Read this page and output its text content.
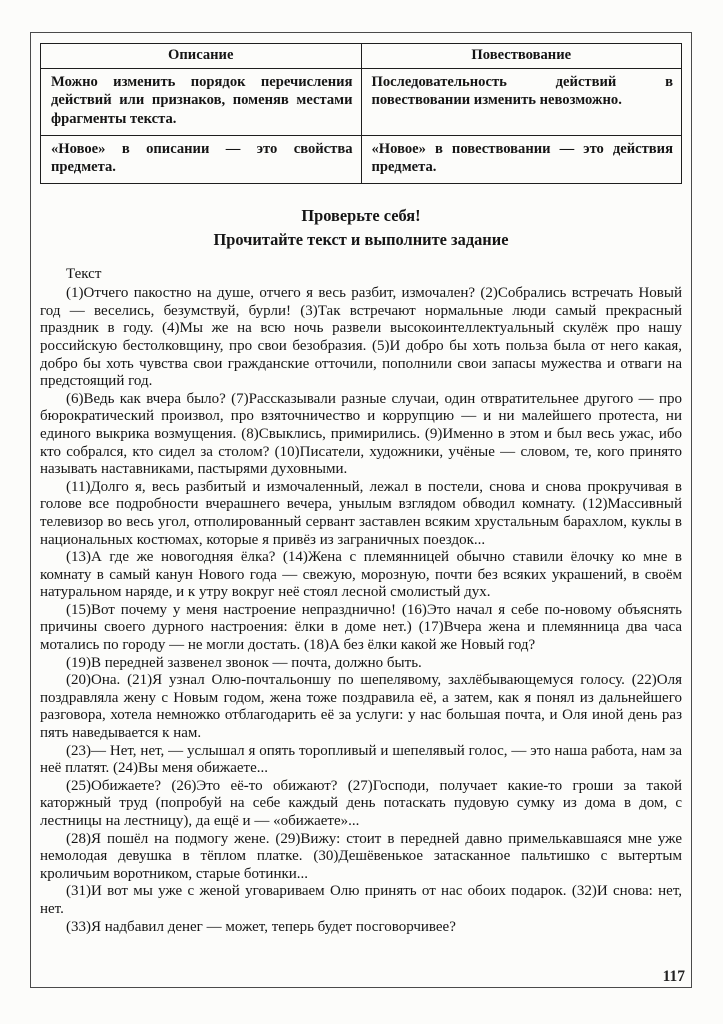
Описание	Повествование
Можно изменить порядок перечисления действий или признаков, поменяв местами фрагменты текста.	Последовательность действий в повествовании изменить невозможно.
«Новое» в описании — это свойства предмета.	«Новое» в повествовании — это действия предмета.
Проверьте себя!
Прочитайте текст и выполните задание

Текст

(1)Отчего пакостно на душе, отчего я весь разбит, измочален? (2)Собрались встречать Новый год — веселись, безумствуй, бурли! (3)Так встречают нормальные люди самый прекрасный праздник в году. (4)Мы же на всю ночь развели высокоинтеллектуальный скулёж про нашу российскую бестолковщину, про свои безобразия. (5)И добро бы хоть польза была от него какая, добро бы хоть чувства свои гражданские отточили, пополнили свои запасы мужества и отваги на предстоящий год.

(6)Ведь как вчера было? (7)Рассказывали разные случаи, один отвратительнее другого — про бюрократический произвол, про взяточничество и коррупцию — и ни малейшего протеста, ни единого выкрика возмущения. (8)Свыклись, примирились. (9)Именно в этом и был весь ужас, ибо кто собрался, кто сидел за столом? (10)Писатели, художники, учёные — словом, те, кого принято называть наставниками, пастырями духовными.

(11)Долго я, весь разбитый и измочаленный, лежал в постели, снова и снова прокручивая в голове все подробности вчерашнего вечера, унылым взглядом обводил комнату. (12)Массивный телевизор во весь угол, отполированный сервант заставлен всяким хрустальным барахлом, куклы в национальных костюмах, которые я привёз из заграничных поездок...

(13)А где же новогодняя ёлка? (14)Жена с племянницей обычно ставили ёлочку ко мне в комнату в самый канун Нового года — свежую, морозную, почти без всяких украшений, в своём натуральном наряде, и к утру вокруг неё стоял лесной смолистый дух.

(15)Вот почему у меня настроение непразднично! (16)Это начал я себе по-новому объяснять причины своего дурного настроения: ёлки в доме нет.) (17)Вчера жена и племянница два часа мотались по городу — не могли достать. (18)А без ёлки какой же Новый год?

(19)В передней зазвенел звонок — почта, должно быть.

(20)Она. (21)Я узнал Олю-почтальоншу по шепелявому, захлёбывающемуся голосу. (22)Оля поздравляла жену с Новым годом, жена тоже поздравила её, а затем, как я понял из дальнейшего разговора, хотела немножко отблагодарить её за услуги: у нас большая почта, и Оля иной день раз пять наведывается к нам.

(23)— Нет, нет, — услышал я опять торопливый и шепелявый голос, — это наша работа, нам за неё платят. (24)Вы меня обижаете...

(25)Обижаете? (26)Это её-то обижают? (27)Господи, получает какие-то гроши за такой каторжный труд (попробуй на себе каждый день потаскать пудовую сумку из дома в дом, с лестницы на лестницу), да ещё и — «обижаете»...

(28)Я пошёл на подмогу жене. (29)Вижу: стоит в передней давно примелькавшаяся мне уже немолодая девушка в тёплом платке. (30)Дешёвенькое затасканное пальтишко с вытертым кроличьим воротником, старые ботинки...

(31)И вот мы уже с женой уговариваем Олю принять от нас обоих подарок. (32)И снова: нет, нет.

(33)Я надбавил денег — может, теперь будет посговорчивее?

117
